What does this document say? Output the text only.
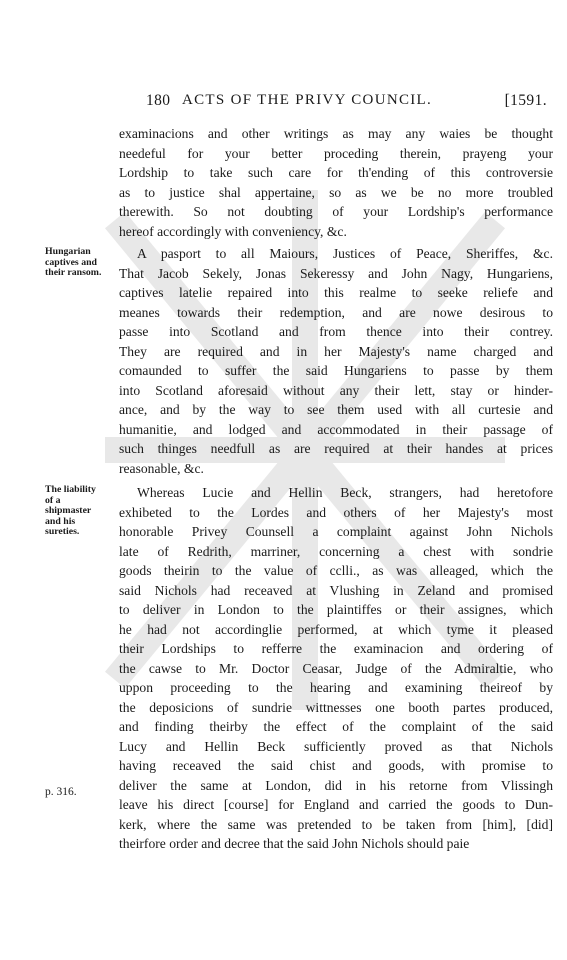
180 ACTS OF THE PRIVY COUNCIL.	[1591.
examinacions and other writings as may any waies be thought
needeful for your better proceding therein, prayeng your
Lordship to take such care for th'ending of this controversie
as to justice shal appertaine, so as we be no more troubled
therewith. So not doubting of your Lordship's performance
hereof accordingly with conveniency, &c.
Hungarian
captives and
their ransom.
A pasport to all Maiours, Justices of Peace, Sheriffes, &c.
That Jacob Sekely, Jonas Sekeressy and John Nagy, Hungariens,
captives latelie repaired into this realme to seeke reliefe and
meanes towards their redemption, and are nowe desirous to
passe into Scotland and from thence into their contrey.
They are required and in her Majesty's name charged and
comaunded to suffer the said Hungariens to passe by them
into Scotland aforesaid without any their lett, stay or hinder-
ance, and by the way to see them used with all curtesie and
humanitie, and lodged and accommodated in their passage of
such thinges needfull as are required at their handes at prices
reasonable, &c.
The liability
of a
shipmaster
and his
sureties.
Whereas Lucie and Hellin Beck, strangers, had heretofore
exhibeted to the Lordes and others of her Majesty's most
honorable Privey Counsell a complaint against John Nichols
late of Redrith, marriner, concerning a chest with sondrie
goods theirin to the value of cclli., as was alleaged, which the
said Nichols had receaved at Vlushing in Zeland and promised
to deliver in London to the plaintiffes or their assignes, which
he had not accordinglie performed, at which tyme it pleased
their Lordships to refferre the examinacion and ordering of
the cawse to Mr. Doctor Ceasar, Judge of the Admiraltie, who
uppon proceeding to the hearing and examining theireof by
the deposicions of sundrie wittnesses one booth partes produced,
and finding theirby the effect of the complaint of the said
Lucy and Hellin Beck sufficiently proved as that Nichols
having receaved the said chist and goods, with promise to
deliver the same at London, did in his retorne from Vlissingh
leave his direct [course] for England and carried the goods to Dun-
kerk, where the same was pretended to be taken from [him], [did]
theirfore order and decree that the said John Nichols should paie
p. 316.
